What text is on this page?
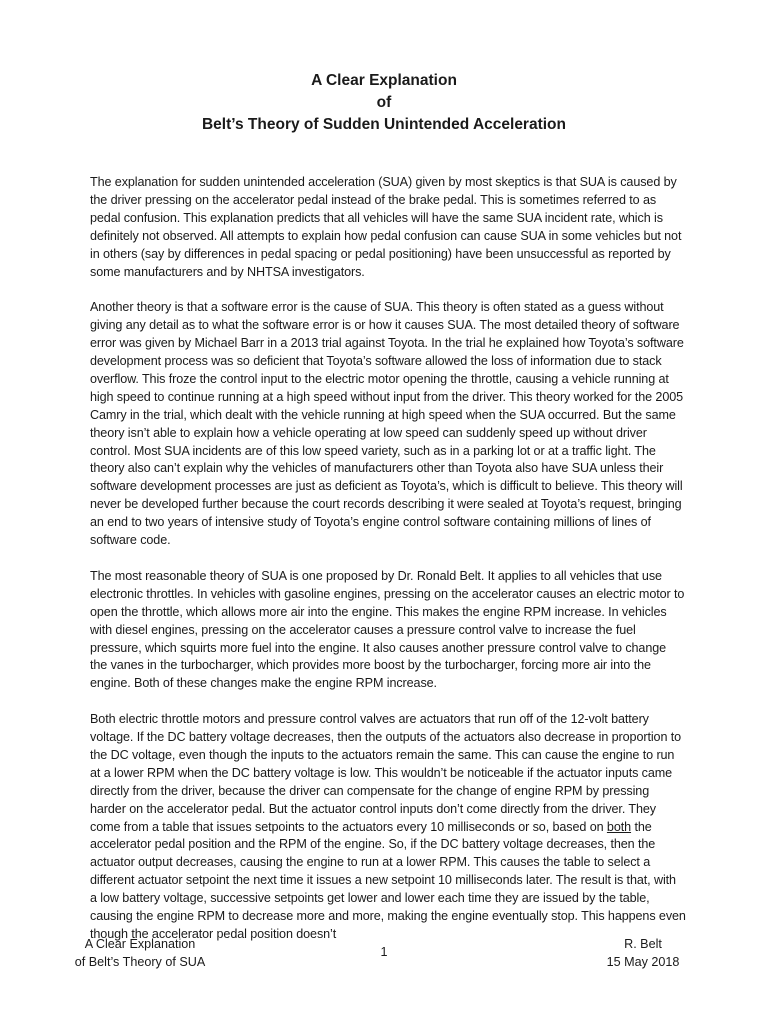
A Clear Explanation
of
Belt’s Theory of Sudden Unintended Acceleration

The explanation for sudden unintended acceleration (SUA) given by most skeptics is that SUA is caused by the driver pressing on the accelerator pedal instead of the brake pedal. This is sometimes referred to as pedal confusion. This explanation predicts that all vehicles will have the same SUA incident rate, which is definitely not observed. All attempts to explain how pedal confusion can cause SUA in some vehicles but not in others (say by differences in pedal spacing or pedal positioning) have been unsuccessful as reported by some manufacturers and by NHTSA investigators.

Another theory is that a software error is the cause of SUA. This theory is often stated as a guess without giving any detail as to what the software error is or how it causes SUA. The most detailed theory of software error was given by Michael Barr in a 2013 trial against Toyota. In the trial he explained how Toyota’s software development process was so deficient that Toyota’s software allowed the loss of information due to stack overflow. This froze the control input to the electric motor opening the throttle, causing a vehicle running at high speed to continue running at a high speed without input from the driver. This theory worked for the 2005 Camry in the trial, which dealt with the vehicle running at high speed when the SUA occurred. But the same theory isn’t able to explain how a vehicle operating at low speed can suddenly speed up without driver control. Most SUA incidents are of this low speed variety, such as in a parking lot or at a traffic light. The theory also can’t explain why the vehicles of manufacturers other than Toyota also have SUA unless their software development processes are just as deficient as Toyota’s, which is difficult to believe. This theory will never be developed further because the court records describing it were sealed at Toyota’s request, bringing an end to two years of intensive study of Toyota’s engine control software containing millions of lines of software code.

The most reasonable theory of SUA is one proposed by Dr. Ronald Belt. It applies to all vehicles that use electronic throttles. In vehicles with gasoline engines, pressing on the accelerator causes an electric motor to open the throttle, which allows more air into the engine. This makes the engine RPM increase. In vehicles with diesel engines, pressing on the accelerator causes a pressure control valve to increase the fuel pressure, which squirts more fuel into the engine. It also causes another pressure control valve to change the vanes in the turbocharger, which provides more boost by the turbocharger, forcing more air into the engine. Both of these changes make the engine RPM increase.

Both electric throttle motors and pressure control valves are actuators that run off of the 12-volt battery voltage. If the DC battery voltage decreases, then the outputs of the actuators also decrease in proportion to the DC voltage, even though the inputs to the actuators remain the same. This can cause the engine to run at a lower RPM when the DC battery voltage is low. This wouldn’t be noticeable if the actuator inputs came directly from the driver, because the driver can compensate for the change of engine RPM by pressing harder on the accelerator pedal. But the actuator control inputs don’t come directly from the driver. They come from a table that issues setpoints to the actuators every 10 milliseconds or so, based on both the accelerator pedal position and the RPM of the engine. So, if the DC battery voltage decreases, then the actuator output decreases, causing the engine to run at a lower RPM. This causes the table to select a different actuator setpoint the next time it issues a new setpoint 10 milliseconds later. The result is that, with a low battery voltage, successive setpoints get lower and lower each time they are issued by the table, causing the engine RPM to decrease more and more, making the engine eventually stop. This happens even though the accelerator pedal position doesn’t

A Clear Explanation
of Belt’s Theory of SUA
1
R. Belt
15 May 2018
